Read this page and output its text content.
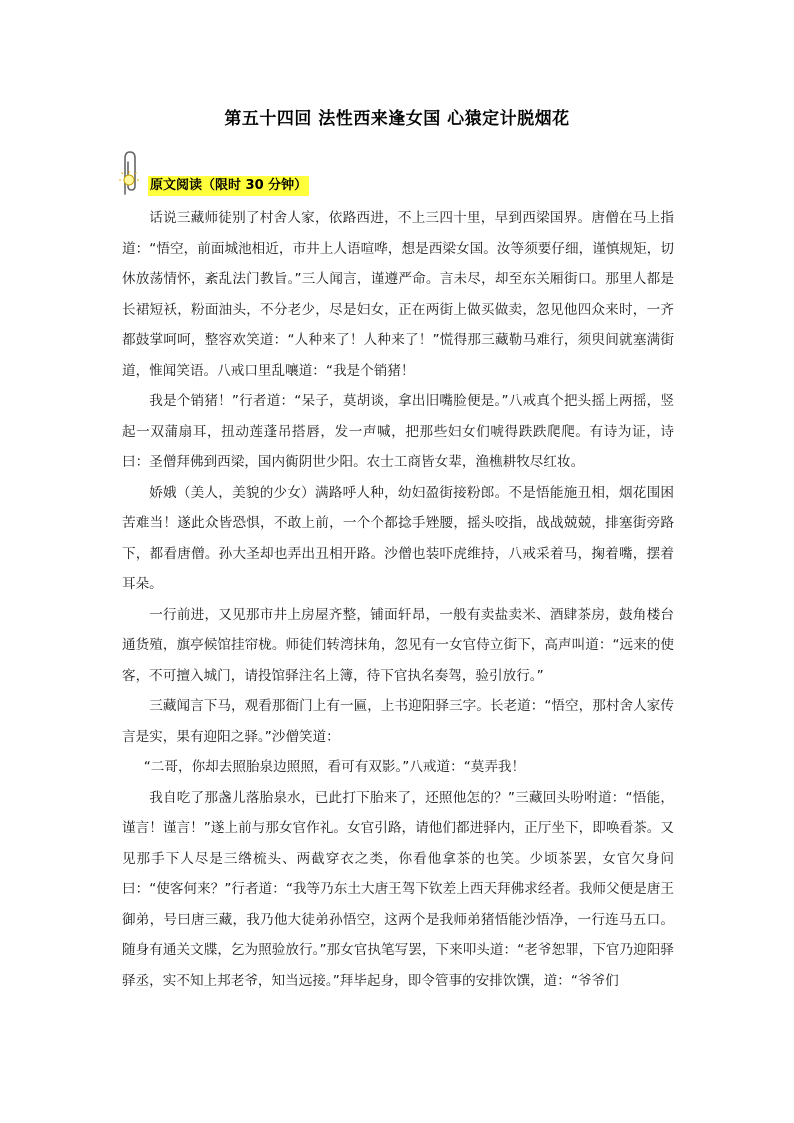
第五十四回 法性西来逢女国 心猿定计脱烟花
原文阅读（限时 30 分钟）

话说三藏师徒别了村舍人家，依路西进，不上三四十里，早到西梁国界。唐僧在马上指道：“悟空，前面城池相近，市井上人语喧哗，想是西梁女国。汝等须要仔细，谨慎规矩，切休放荡情怀，紊乱法门教旨。”三人闻言，谨遵严命。言未尽，却至东关厢街口。那里人都是长裙短袄，粉面油头，不分老少，尽是妇女，正在两街上做买做卖，忽见他四众来时，一齐都鼓掌呵呵，整容欢笑道：“人种来了！人种来了！”慌得那三藏勒马难行，须臾间就塞满街道，惟闻笑语。八戒口里乱嚷道：“我是个销猪！

我是个销猪！”行者道：“呆子，莫胡谈，拿出旧嘴脸便是。”八戒真个把头摇上两摇，竖起一双蒲扇耳，扭动莲蓬吊搭唇，发一声喊，把那些妇女们唬得跌跌爬爬。有诗为证，诗曰：圣僧拜佛到西梁，国内衠阴世少阳。农士工商皆女辈，渔樵耕牧尽红妆。

娇娥（美人，美貌的少女）满路呼人种，幼妇盈街接粉郎。不是悟能施丑相，烟花围困苦难当！遂此众皆恐惧，不敢上前，一个个都捻手矬腰，摇头咬指，战战兢兢，排塞街旁路下，都看唐僧。孙大圣却也弄出丑相开路。沙僧也装吓虎维持，八戒采着马，掬着嘴，摆着耳朵。

一行前进，又见那市井上房屋齐整，铺面轩昂，一般有卖盐卖米、酒肆茶房，鼓角楼台通货殖，旗亭候馆挂帘栊。师徒们转湾抹角，忽见有一女官侍立街下，高声叫道：“远来的使客，不可擅入城门，请投馆驿注名上簿，待下官执名奏驾，验引放行。”

三藏闻言下马，观看那衙门上有一匾，上书迎阳驿三字。长老道：“悟空，那村舍人家传言是实，果有迎阳之驿。”沙僧笑道：

“二哥，你却去照胎泉边照照，看可有双影。”八戒道：“莫弄我！

我自吃了那盏儿落胎泉水，已此打下胎来了，还照他怎的？”三藏回头吩咐道：“悟能，谨言！谨言！”遂上前与那女官作礼。女官引路，请他们都进驿内，正厅坐下，即唤看茶。又见那手下人尽是三绺梳头、两截穿衣之类，你看他拿茶的也笑。少顷茶罢，女官欠身问曰：“使客何来？”行者道：“我等乃东土大唐王驾下钦差上西天拜佛求经者。我师父便是唐王御弟，号曰唐三藏，我乃他大徒弟孙悟空，这两个是我师弟猪悟能沙悟净，一行连马五口。随身有通关文牒，乞为照验放行。”那女官执笔写罢，下来叩头道：“老爷恕罪，下官乃迎阳驿驿丞，实不知上邦老爷，知当远接。”拜毕起身，即令管事的安排饮馔，道：“爷爷们
